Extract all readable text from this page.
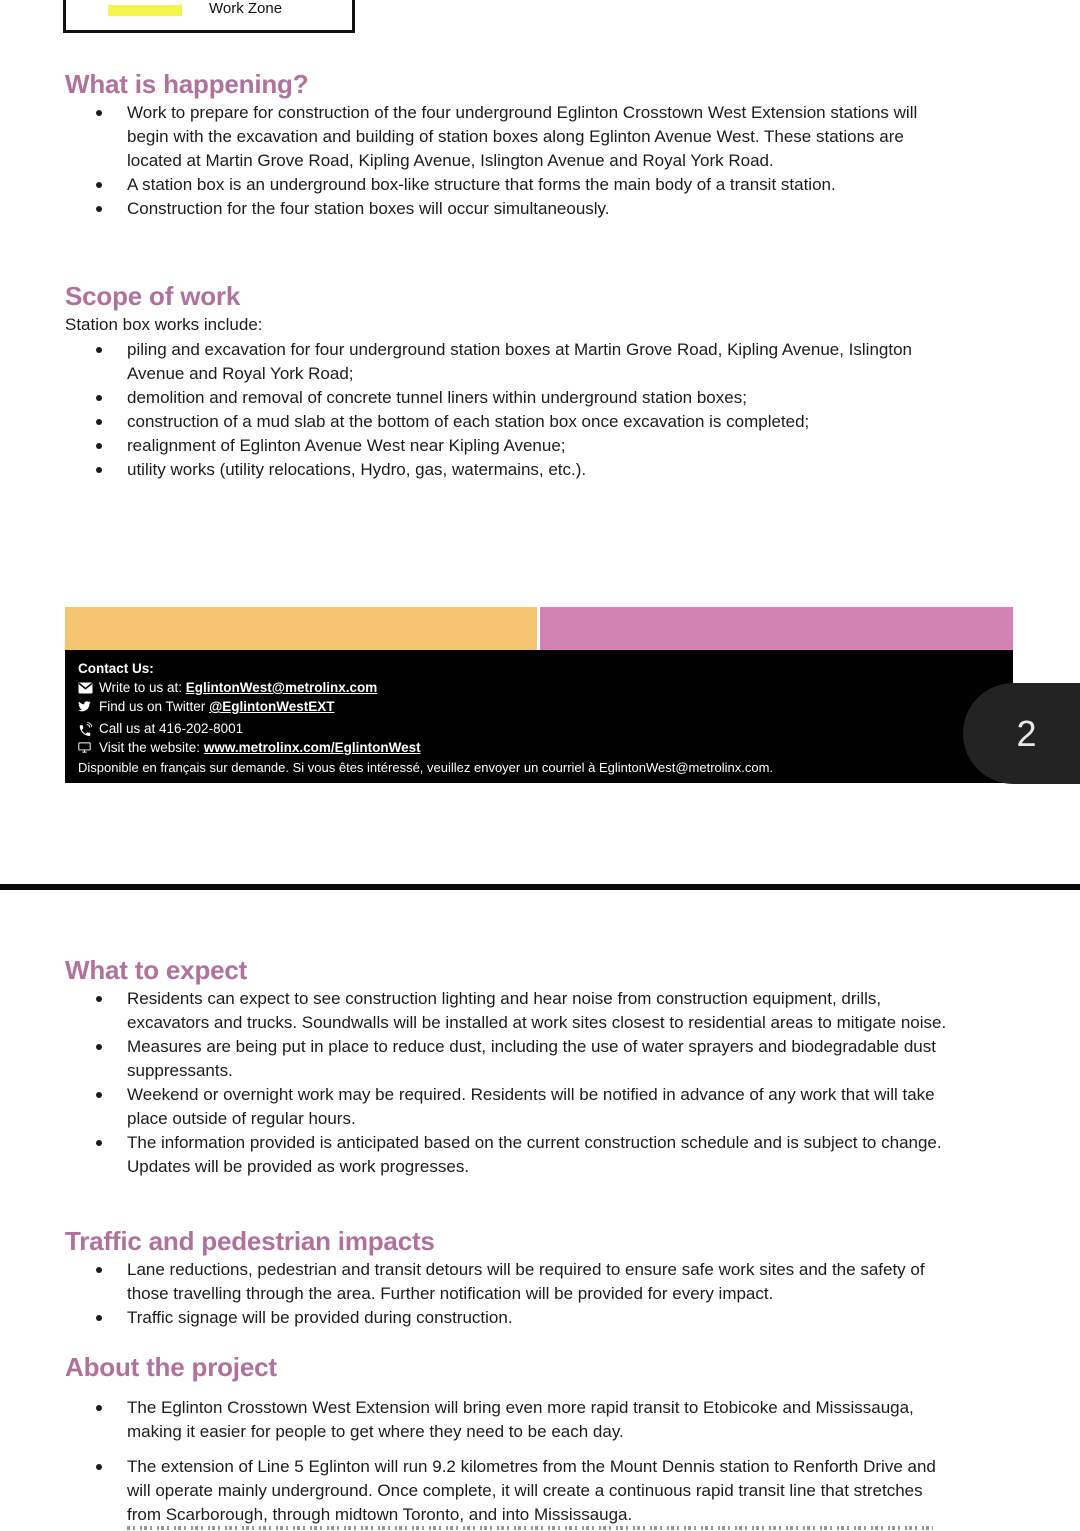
Work Zone
What is happening?
Work to prepare for construction of the four underground Eglinton Crosstown West Extension stations will begin with the excavation and building of station boxes along Eglinton Avenue West. These stations are located at Martin Grove Road, Kipling Avenue, Islington Avenue and Royal York Road.
A station box is an underground box-like structure that forms the main body of a transit station.
Construction for the four station boxes will occur simultaneously.
Scope of work

Station box works include:

piling and excavation for four underground station boxes at Martin Grove Road, Kipling Avenue, Islington Avenue and Royal York Road;
demolition and removal of concrete tunnel liners within underground station boxes;
construction of a mud slab at the bottom of each station box once excavation is completed;
realignment of Eglinton Avenue West near Kipling Avenue;
utility works (utility relocations, Hydro, gas, watermains, etc.).
Contact Us:
Write to us at:
EglintonWest@metrolinx.com
Find us on Twitter
@EglintonWestEXT
Call us at 416-202-8001
Visit the website:
www.metrolinx.com/EglintonWest
Disponible en français sur demande. Si vous êtes intéressé, veuillez envoyer un courriel à EglintonWest@metrolinx.com.
2
What to expect
Residents can expect to see construction lighting and hear noise from construction equipment, drills, excavators and trucks. Soundwalls will be installed at work sites closest to residential areas to mitigate noise.
Measures are being put in place to reduce dust, including the use of water sprayers and biodegradable dust suppressants.
Weekend or overnight work may be required. Residents will be notified in advance of any work that will take place outside of regular hours.
The information provided is anticipated based on the current construction schedule and is subject to change. Updates will be provided as work progresses.
Traffic and pedestrian impacts
Lane reductions, pedestrian and transit detours will be required to ensure safe work sites and the safety of those travelling through the area. Further notification will be provided for every impact.
Traffic signage will be provided during construction.
About the project
The Eglinton Crosstown West Extension will bring even more rapid transit to Etobicoke and Mississauga, making it easier for people to get where they need to be each day.
The extension of Line 5 Eglinton will run 9.2 kilometres from the Mount Dennis station to Renforth Drive and will operate mainly underground. Once complete, it will create a continuous rapid transit line that stretches from Scarborough, through midtown Toronto, and into Mississauga.
